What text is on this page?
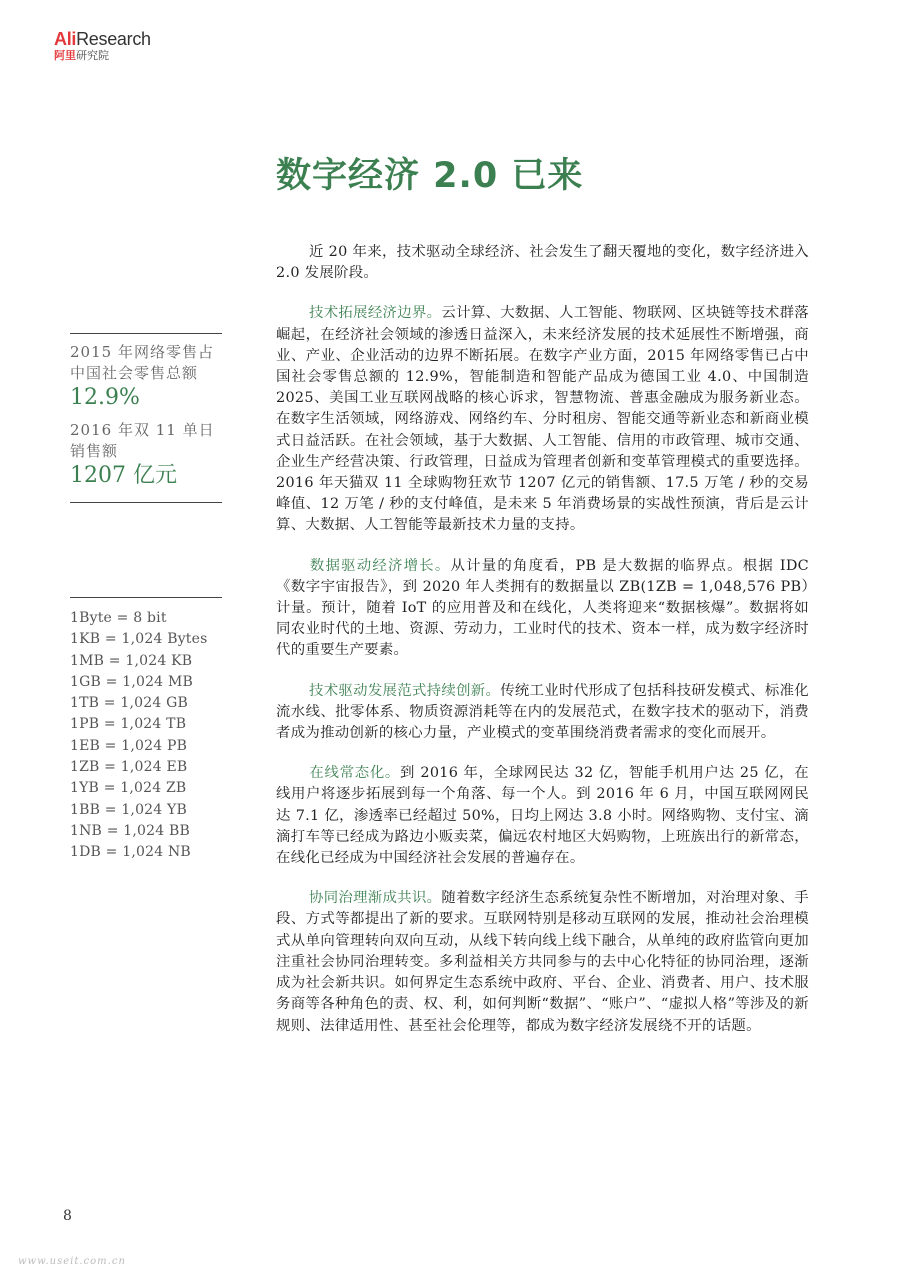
AliResearch
阿里研究院
数字经济 2.0 已来
2015 年网络零售占中国社会零售总额
12.9%
2016 年双 11 单日销售额
1207 亿元
1Byte = 8 bit
1KB = 1,024 Bytes
1MB = 1,024 KB
1GB = 1,024 MB
1TB = 1,024 GB
1PB = 1,024 TB
1EB = 1,024 PB
1ZB = 1,024 EB
1YB = 1,024 ZB
1BB = 1,024 YB
1NB = 1,024 BB
1DB = 1,024 NB

近 20 年来，技术驱动全球经济、社会发生了翻天覆地的变化，数字经济进入 2.0 发展阶段。

技术拓展经济边界。云计算、大数据、人工智能、物联网、区块链等技术群落崛起，在经济社会领域的渗透日益深入，未来经济发展的技术延展性不断增强，商业、产业、企业活动的边界不断拓展。在数字产业方面，2015 年网络零售已占中国社会零售总额的 12.9%，智能制造和智能产品成为德国工业 4.0、中国制造 2025、美国工业互联网战略的核心诉求，智慧物流、普惠金融成为服务新业态。在数字生活领域，网络游戏、网络约车、分时租房、智能交通等新业态和新商业模式日益活跃。在社会领域，基于大数据、人工智能、信用的市政管理、城市交通、企业生产经营决策、行政管理，日益成为管理者创新和变革管理模式的重要选择。2016 年天猫双 11 全球购物狂欢节 1207 亿元的销售额、17.5 万笔 / 秒的交易峰值、12 万笔 / 秒的支付峰值，是未来 5 年消费场景的实战性预演，背后是云计算、大数据、人工智能等最新技术力量的支持。

数据驱动经济增长。从计量的角度看，PB 是大数据的临界点。根据 IDC《数字宇宙报告》，到 2020 年人类拥有的数据量以 ZB(1ZB = 1,048,576 PB）计量。预计，随着 IoT 的应用普及和在线化，人类将迎来“数据核爆”。数据将如同农业时代的土地、资源、劳动力，工业时代的技术、资本一样，成为数字经济时代的重要生产要素。

技术驱动发展范式持续创新。传统工业时代形成了包括科技研发模式、标准化流水线、批零体系、物质资源消耗等在内的发展范式，在数字技术的驱动下，消费者成为推动创新的核心力量，产业模式的变革围绕消费者需求的变化而展开。

在线常态化。到 2016 年，全球网民达 32 亿，智能手机用户达 25 亿，在线用户将逐步拓展到每一个角落、每一个人。到 2016 年 6 月，中国互联网网民达 7.1 亿，渗透率已经超过 50%，日均上网达 3.8 小时。网络购物、支付宝、滴滴打车等已经成为路边小贩卖菜，偏远农村地区大妈购物，上班族出行的新常态，在线化已经成为中国经济社会发展的普遍存在。

协同治理渐成共识。随着数字经济生态系统复杂性不断增加，对治理对象、手段、方式等都提出了新的要求。互联网特别是移动互联网的发展，推动社会治理模式从单向管理转向双向互动，从线下转向线上线下融合，从单纯的政府监管向更加注重社会协同治理转变。多利益相关方共同参与的去中心化特征的协同治理，逐渐成为社会新共识。如何界定生态系统中政府、平台、企业、消费者、用户、技术服务商等各种角色的责、权、利，如何判断“数据”、“账户”、“虚拟人格”等涉及的新规则、法律适用性、甚至社会伦理等，都成为数字经济发展绕不开的话题。

8
www.useit.com.cn
